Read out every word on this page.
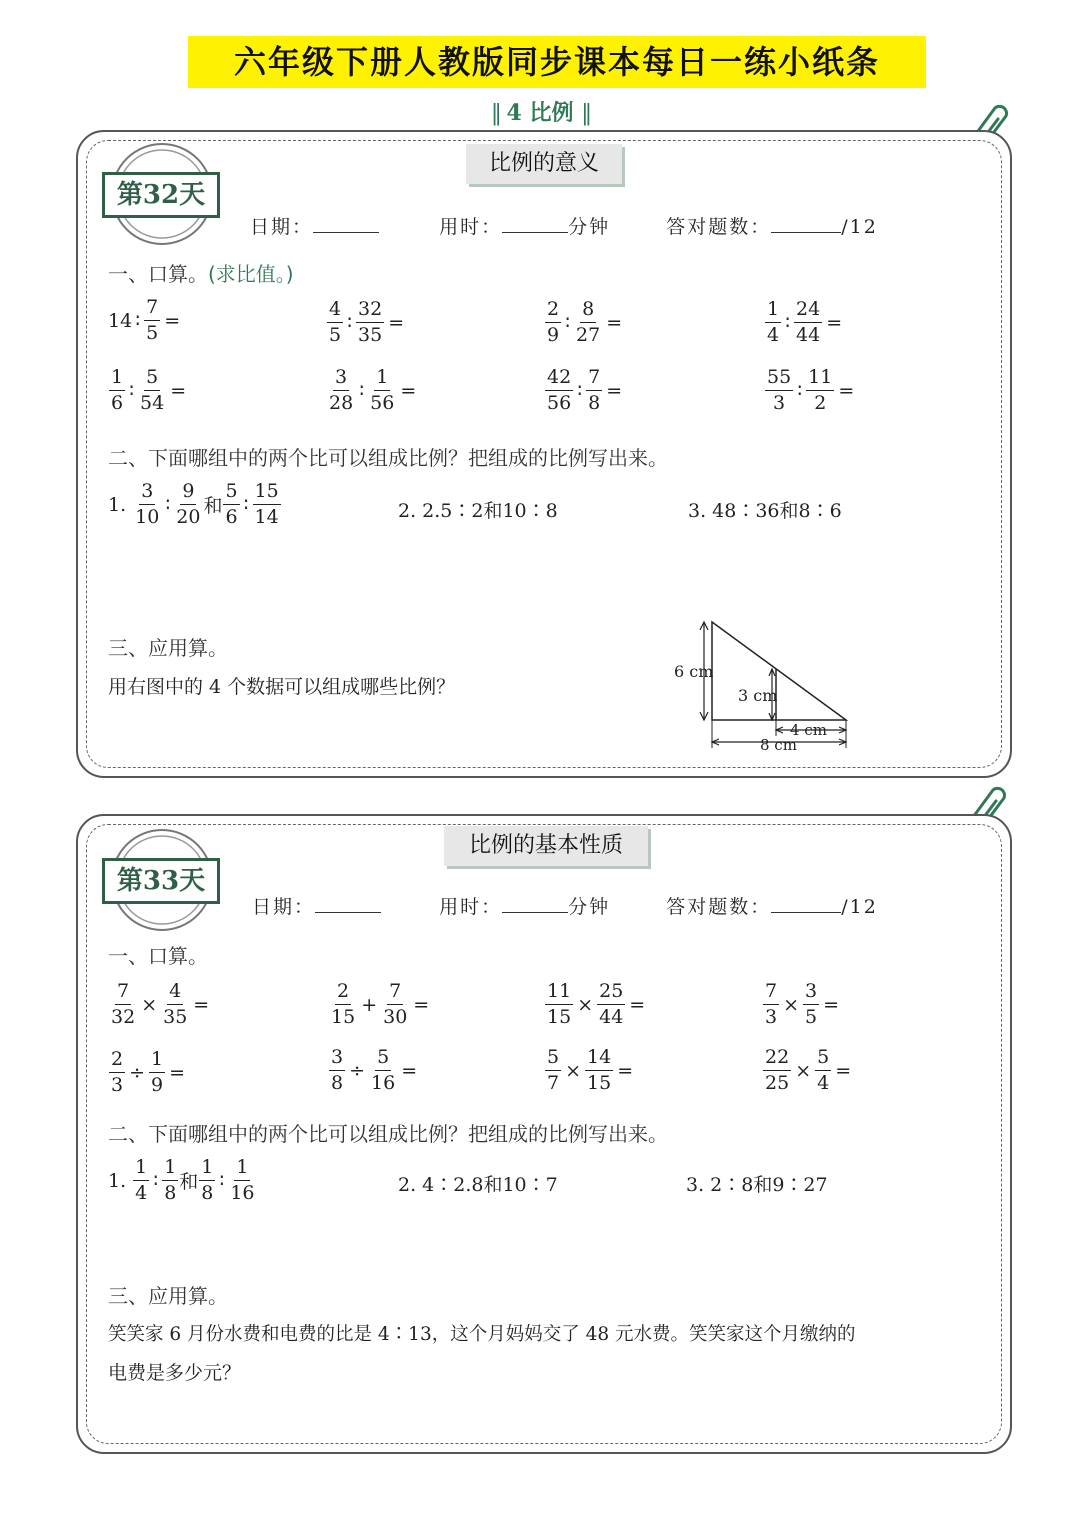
六年级下册人教版同步课本每日一练小纸条
‖ 4 比例 ‖
比例的意义
第32天
日期：	用时：	分钟	答对题数：	/12
一、口算。(求比值。)
14 ∶ $\frac{7}{5}$ =	$\frac{4}{5}$ ∶ $\frac{32}{35}$ =	$\frac{2}{9}$ ∶ $\frac{8}{27}$ =	$\frac{1}{4}$ ∶ $\frac{24}{44}$ =
$\frac{1}{6}$ ∶ $\frac{5}{54}$ =	$\frac{3}{28}$ ∶ $\frac{1}{56}$ =	$\frac{42}{56}$ ∶ $\frac{7}{8}$ =	$\frac{55}{3}$ ∶ $\frac{11}{2}$ =
二、下面哪组中的两个比可以组成比例？把组成的比例写出来。
1. $\frac{3}{10}$ ∶ $\frac{9}{20}$ 和 $\frac{5}{6}$ ∶ $\frac{15}{14}$	2. 2.5∶2和10∶8	3. 48∶36和8∶6
三、应用算。
用右图中的 4 个数据可以组成哪些比例？
6 cm
3 cm
4 cm
8 cm
比例的基本性质
第33天
日期：	用时：	分钟	答对题数：	/12
一、口算。
$\frac{7}{32} \times \frac{4}{35}$ =	$\frac{2}{15} + \frac{7}{30}$ =	$\frac{11}{15} \times \frac{25}{44}$ =	$\frac{7}{3} \times \frac{3}{5}$ =
$\frac{2}{3} \div \frac{1}{9}$ =	$\frac{3}{8} \div \frac{5}{16}$ =	$\frac{5}{7} \times \frac{14}{15}$ =	$\frac{22}{25} \times \frac{5}{4}$ =
二、下面哪组中的两个比可以组成比例？把组成的比例写出来。
1. $\frac{1}{4}$ ∶ $\frac{1}{8}$ 和 $\frac{1}{8}$ ∶ $\frac{1}{16}$	2. 4∶2.8和10∶7	3. 2∶8和9∶27
三、应用算。
笑笑家 6 月份水费和电费的比是 4∶13，这个月妈妈交了 48 元水费。笑笑家这个月缴纳的
电费是多少元？
